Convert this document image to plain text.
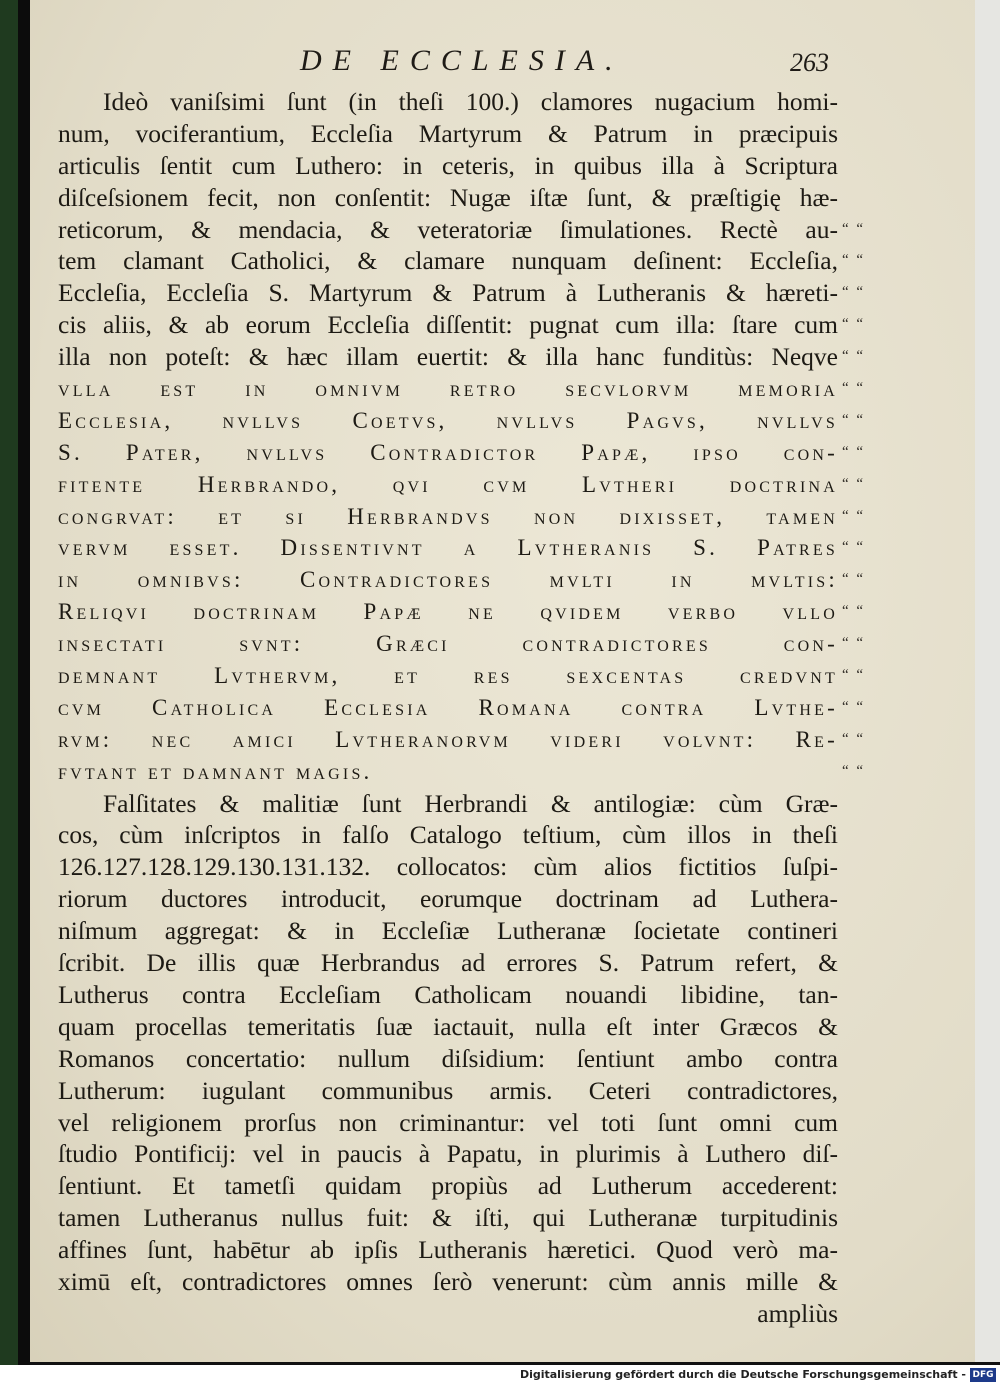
DE ECCLESIA.	263
Ideò vaniſsimi ſunt (in theſi 100.) clamores nugacium homi-
num, vociferantium, Eccleſia Martyrum & Patrum in præcipuis
articulis ſentit cum Luthero: in ceteris, in quibus illa à Scriptura
diſceſsionem fecit, non conſentit: Nugæ iſtæ ſunt, & præſtigię hæ-
reticorum, & mendacia, & veteratoriæ ſimulationes. Rectè au-
tem clamant Catholici, & clamare nunquam deſinent: Eccleſia,
Eccleſia, Eccleſia S. Martyrum & Patrum à Lutheranis & hæreti-
cis aliis, & ab eorum Eccleſia diſſentit: pugnat cum illa: ſtare cum
illa non poteſt: & hæc illam euertit: & illa hanc funditùs: Neqve
vlla est in omnivm retro secvlorvm memoria
Ecclesia, nvllvs Coetvs, nvllvs Pagvs, nvllvs
S. Pater, nvllvs Contradictor Papæ, ipso con-
fitente Herbrando, qvi cvm Lvtheri doctrina
congrvat: et si Herbrandvs non dixisset, tamen
vervm esset. Dissentivnt a Lvtheranis S. Patres
in omnibvs: Contradictores mvlti in mvltis:
Reliqvi doctrinam Papæ ne qvidem verbo vllo
insectati svnt: Græci contradictores con-
demnant Lvthervm, et res sexcentas credvnt
cvm Catholica Ecclesia Romana contra Lvthe-
rvm: nec amici Lvtheranorvm videri volvnt: Re-
fvtant et damnant magis.
Falſitates & malitiæ ſunt Herbrandi & antilogiæ: cùm Græ-
cos, cùm inſcriptos in falſo Catalogo teſtium, cùm illos in theſi
126.127.128.129.130.131.132. collocatos: cùm alios fictitios ſuſpi-
riorum ductores introducit, eorumque doctrinam ad Luthera-
niſmum aggregat: & in Eccleſiæ Lutheranæ ſocietate contineri
ſcribit. De illis quæ Herbrandus ad errores S. Patrum refert, &
Lutherus contra Eccleſiam Catholicam nouandi libidine, tan-
quam procellas temeritatis ſuæ iactauit, nulla eſt inter Græcos &
Romanos concertatio: nullum diſsidium: ſentiunt ambo contra
Lutherum: iugulant communibus armis. Ceteri contradictores,
vel religionem prorſus non criminantur: vel toti ſunt omni cum
ſtudio Pontificij: vel in paucis à Papatu, in plurimis à Luthero diſ-
ſentiunt. Et tametſi quidam propiùs ad Lutherum accederent:
tamen Lutheranus nullus fuit: & iſti, qui Lutheranæ turpitudinis
affines ſunt, habētur ab ipſis Lutheranis hæretici. Quod verò ma-
ximū eſt, contradictores omnes ſerò venerunt: cùm annis mille &
ampliùs
“ “
“ “
“ “
“ “
“ “
“ “
“ “
“ “
“ “
“ “
“ “
“ “
“ “
“ “
“ “
“ “
“ “
“ “
Digitalisierung gefördert durch die Deutsche Forschungsgemeinschaft - DFG
